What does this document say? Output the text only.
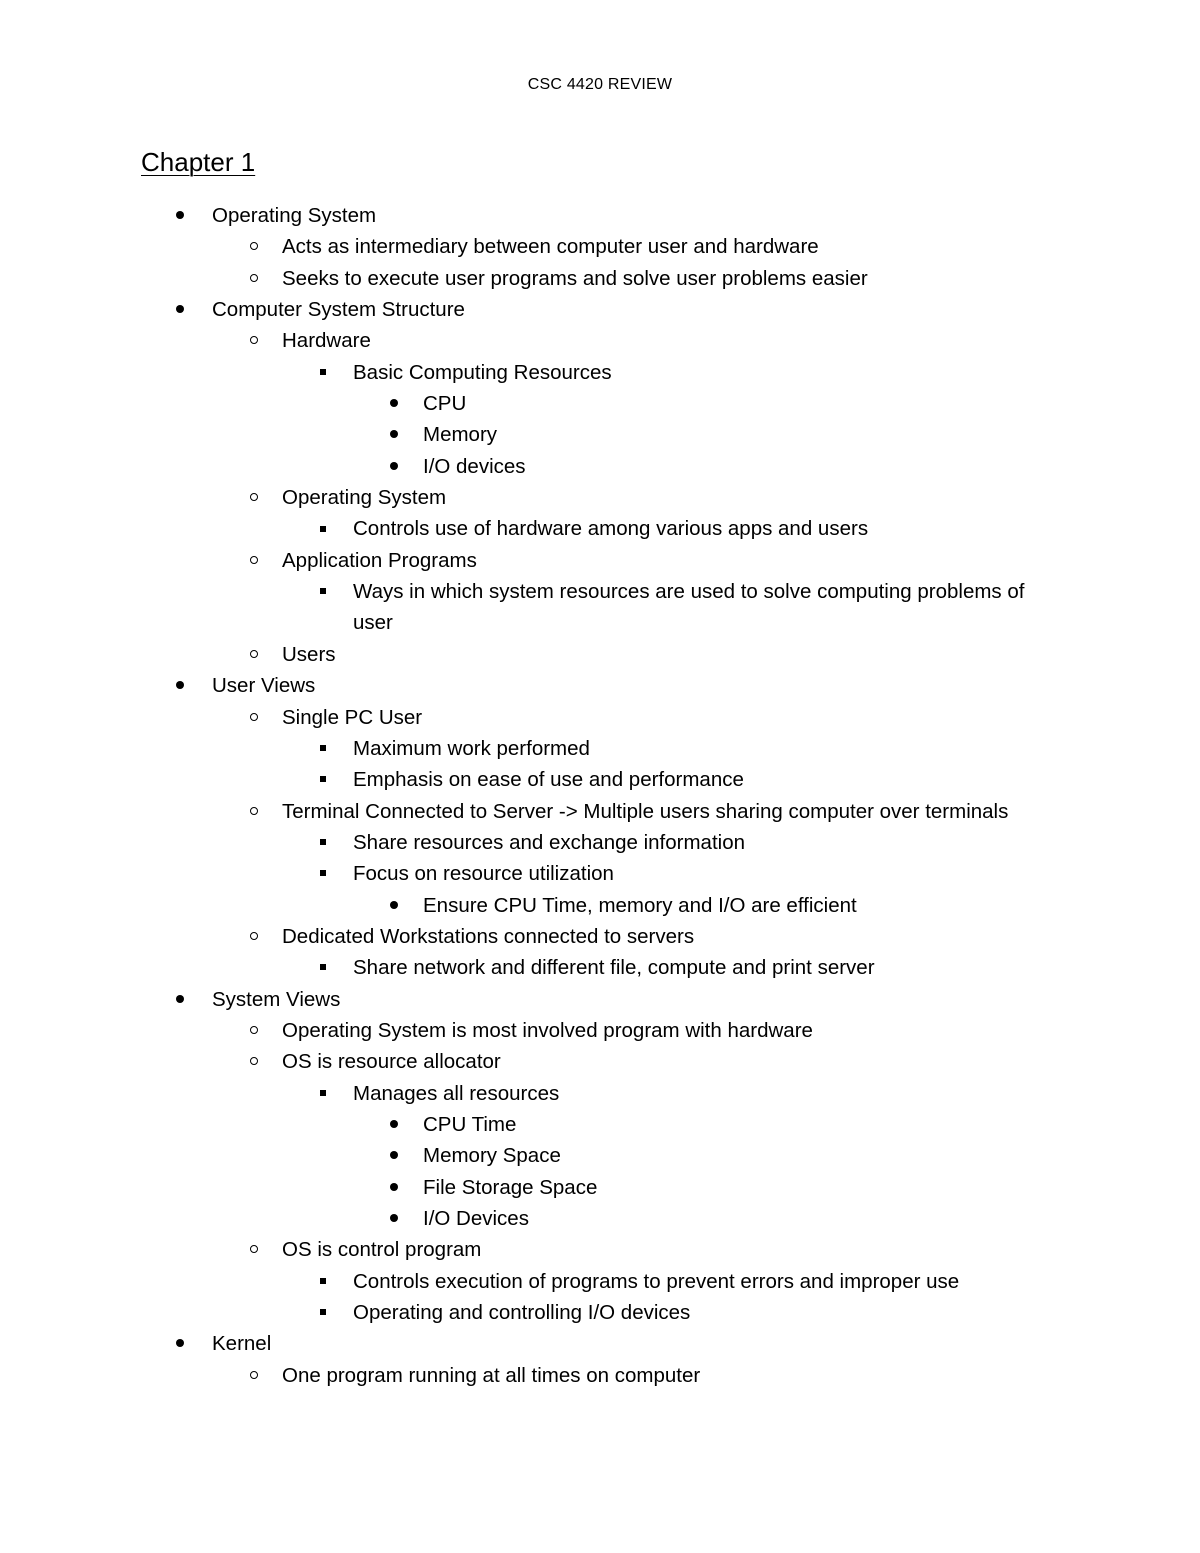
CSC 4420 REVIEW
Chapter 1
Operating System
Acts as intermediary between computer user and hardware
Seeks to execute user programs and solve user problems easier
Computer System Structure
Hardware
Basic Computing Resources
CPU
Memory
I/O devices
Operating System
Controls use of hardware among various apps and users
Application Programs
Ways in which system resources are used to solve computing problems of
user
Users
User Views
Single PC User
Maximum work performed
Emphasis on ease of use and performance
Terminal Connected to Server -> Multiple users sharing computer over terminals
Share resources and exchange information
Focus on resource utilization
Ensure CPU Time, memory and I/O are efficient
Dedicated Workstations connected to servers
Share network and different file, compute and print server
System Views
Operating System is most involved program with hardware
OS is resource allocator
Manages all resources
CPU Time
Memory Space
File Storage Space
I/O Devices
OS is control program
Controls execution of programs to prevent errors and improper use
Operating and controlling I/O devices
Kernel
One program running at all times on computer
